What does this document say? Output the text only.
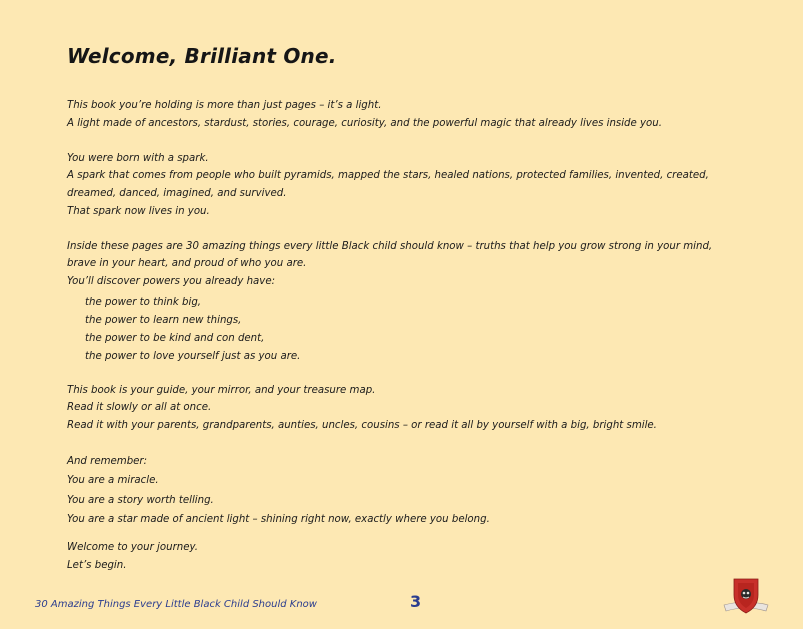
Welcome, Brilliant One.
This book you’re holding is more than just pages – it’s a light.
A light made of ancestors, stardust, stories, courage, curiosity, and the powerful magic that already lives inside you.
You were born with a spark.
A spark that comes from people who built pyramids, mapped the stars, healed nations, protected families, invented, created,
dreamed, danced, imagined, and survived.
That spark now lives in you.
Inside these pages are 30 amazing things every little Black child should know – truths that help you grow strong in your mind,
brave in your heart, and proud of who you are.
You’ll discover powers you already have:
the power to think big,
the power to learn new things,
the power to be kind and con dent,
the power to love yourself just as you are.
This book is your guide, your mirror, and your treasure map.
Read it slowly or all at once.
Read it with your parents, grandparents, aunties, uncles, cousins – or read it all by yourself with a big, bright smile.
And remember:
You are a miracle.
You are a story worth telling.
You are a star made of ancient light – shining right now, exactly where you belong.
Welcome to your journey.
Let’s begin.
30 Amazing Things Every Little Black Child Should Know	3
